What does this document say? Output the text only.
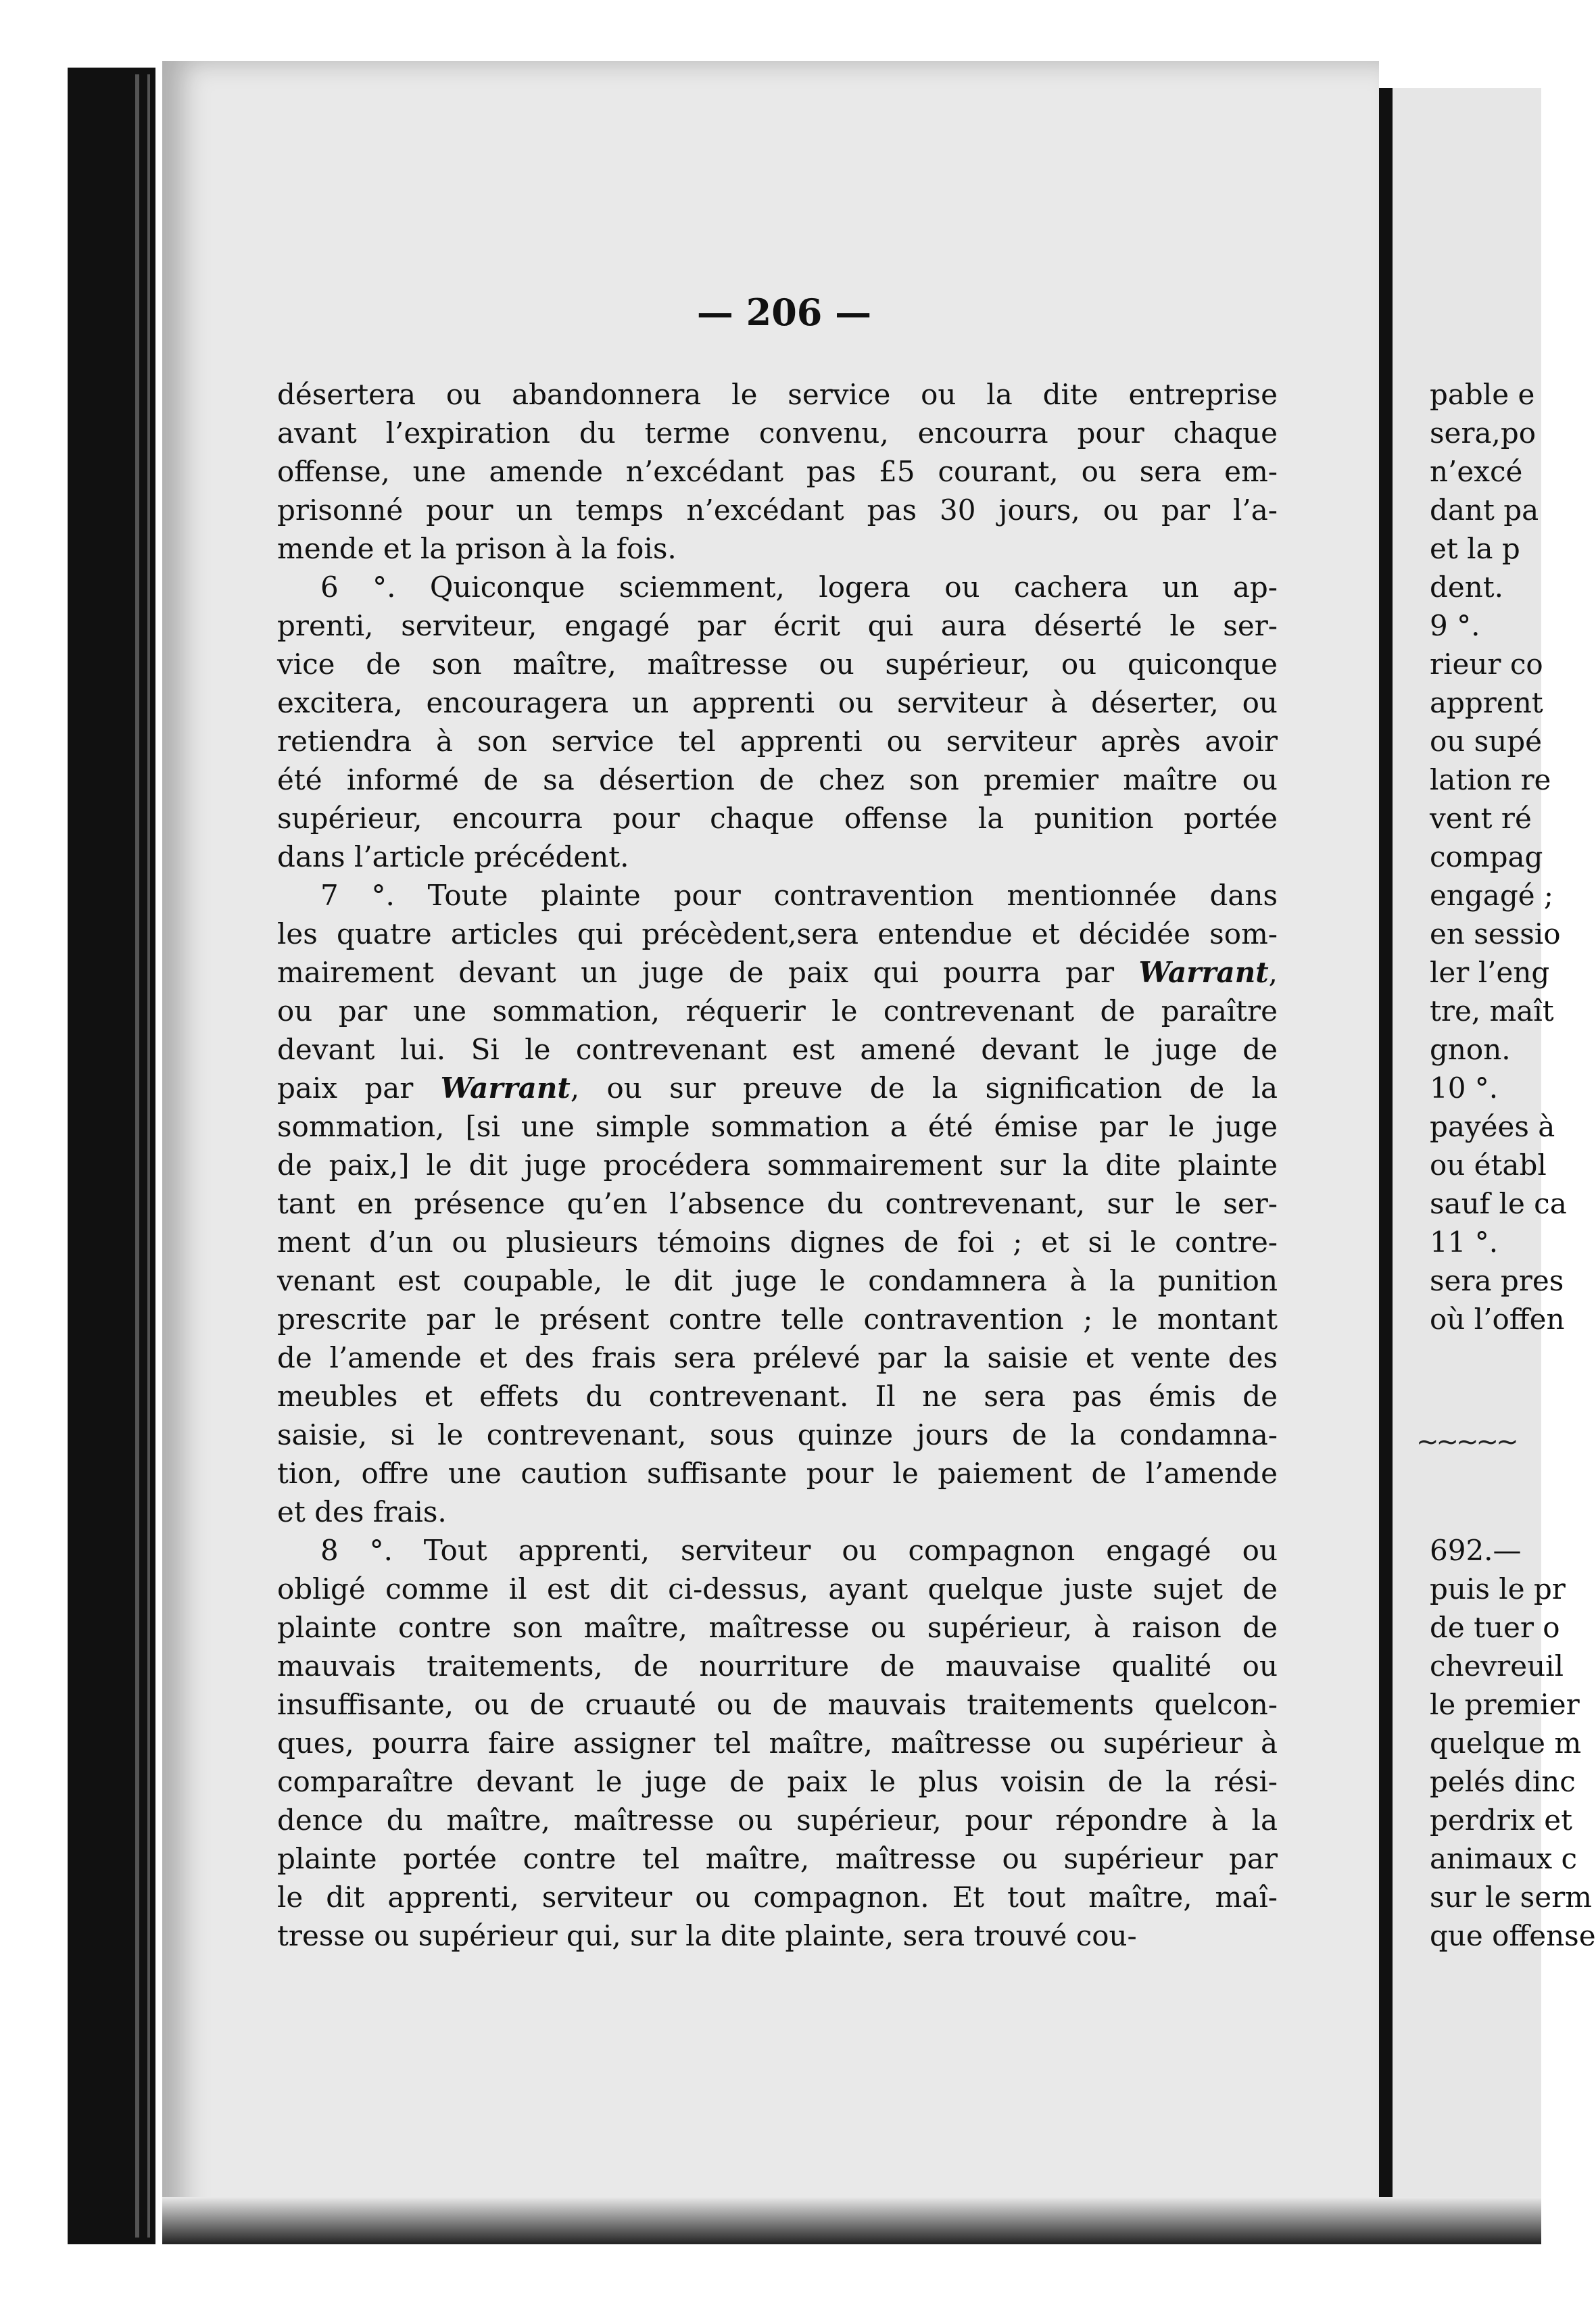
— 206 —
désertera ou abandonnera le service ou la dite entreprise
avant l’expiration du terme convenu, encourra pour chaque
offense, une amende n’excédant pas £5 courant, ou sera em-
prisonné pour un temps n’excédant pas 30 jours, ou par l’a-
mende et la prison à la fois.
6 °. Quiconque sciemment, logera ou cachera un ap-
prenti, serviteur, engagé par écrit qui aura déserté le ser-
vice de son maître, maîtresse ou supérieur, ou quiconque
excitera, encouragera un apprenti ou serviteur à déserter, ou
retiendra à son service tel apprenti ou serviteur après avoir
été informé de sa désertion de chez son premier maître ou
supérieur, encourra pour chaque offense la punition portée
dans l’article précédent.
7 °. Toute plainte pour contravention mentionnée dans
les quatre articles qui précèdent,sera entendue et décidée som-
mairement devant un juge de paix qui pourra par Warrant,
ou par une sommation, réquerir le contrevenant de paraître
devant lui. Si le contrevenant est amené devant le juge de
paix par Warrant, ou sur preuve de la signification de la
sommation, [si une simple sommation a été émise par le juge
de paix,] le dit juge procédera sommairement sur la dite plainte
tant en présence qu’en l’absence du contrevenant, sur le ser-
ment d’un ou plusieurs témoins dignes de foi ; et si le contre-
venant est coupable, le dit juge le condamnera à la punition
prescrite par le présent contre telle contravention ; le montant
de l’amende et des frais sera prélevé par la saisie et vente des
meubles et effets du contrevenant. Il ne sera pas émis de
saisie, si le contrevenant, sous quinze jours de la condamna-
tion, offre une caution suffisante pour le paiement de l’amende
et des frais.
8 °. Tout apprenti, serviteur ou compagnon engagé ou
obligé comme il est dit ci-dessus, ayant quelque juste sujet de
plainte contre son maître, maîtresse ou supérieur, à raison de
mauvais traitements, de nourriture de mauvaise qualité ou
insuffisante, ou de cruauté ou de mauvais traitements quelcon-
ques, pourra faire assigner tel maître, maîtresse ou supérieur à
comparaître devant le juge de paix le plus voisin de la rési-
dence du maître, maîtresse ou supérieur, pour répondre à la
plainte portée contre tel maître, maîtresse ou supérieur par
le dit apprenti, serviteur ou compagnon. Et tout maître, maî-
tresse ou supérieur qui, sur la dite plainte, sera trouvé cou-
pable e
sera,po
n’excé
dant pa
et la p
dent.
9 °.
rieur co
apprent
ou supé
lation re
vent ré
compag
engagé ;
en sessio
ler l’eng
tre, maît
gnon.
10 °.
payées à
ou établ
sauf le ca
11 °.
sera pres
où l’offen
692.—
puis le pr
de tuer o
chevreuil
le premier
quelque m
pelés dinc
perdrix et
animaux c
sur le serm
que offense
~~~~~
